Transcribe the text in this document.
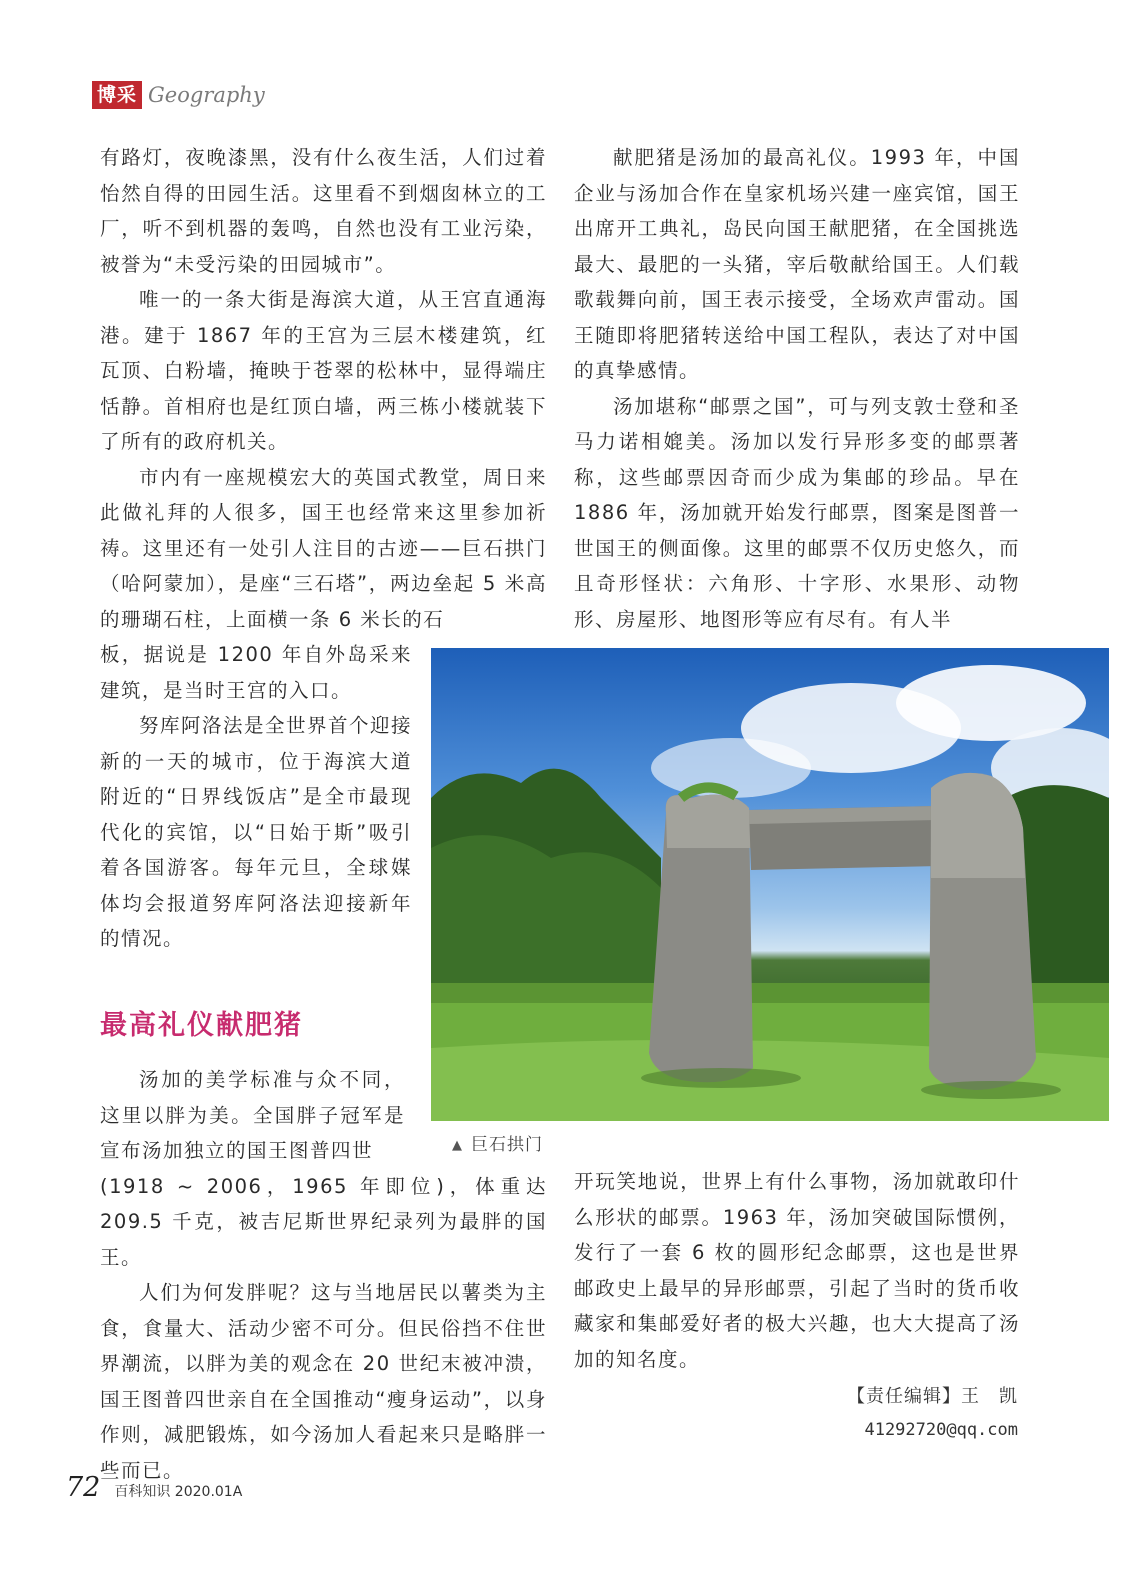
博采 Geography

有路灯，夜晚漆黑，没有什么夜生活，人们过着怡然自得的田园生活。这里看不到烟囱林立的工厂，听不到机器的轰鸣，自然也没有工业污染，被誉为“未受污染的田园城市”。

唯一的一条大街是海滨大道，从王宫直通海港。建于 1867 年的王宫为三层木楼建筑，红瓦顶、白粉墙，掩映于苍翠的松林中，显得端庄恬静。首相府也是红顶白墙，两三栋小楼就装下了所有的政府机关。

市内有一座规模宏大的英国式教堂，周日来此做礼拜的人很多，国王也经常来这里参加祈祷。这里还有一处引人注目的古迹——巨石拱门（哈阿蒙加），是座“三石塔”，两边垒起 5 米高的珊瑚石柱，上面横一条 6 米长的石

板，据说是 1200 年自外岛采来建筑，是当时王宫的入口。

努库阿洛法是全世界首个迎接新的一天的城市，位于海滨大道附近的“日界线饭店”是全市最现代化的宾馆，以“日始于斯”吸引着各国游客。每年元旦，全球媒体均会报道努库阿洛法迎接新年的情况。

最高礼仪献肥猪

汤加的美学标准与众不同，这里以胖为美。全国胖子冠军是宣布汤加独立的国王图普四世

(1918 ~ 2006，1965 年即位)，体重达 209.5 千克，被吉尼斯世界纪录列为最胖的国王。

人们为何发胖呢？这与当地居民以薯类为主食，食量大、活动少密不可分。但民俗挡不住世界潮流，以胖为美的观念在 20 世纪末被冲溃，国王图普四世亲自在全国推动“瘦身运动”，以身作则，减肥锻炼，如今汤加人看起来只是略胖一些而已。

献肥猪是汤加的最高礼仪。1993 年，中国企业与汤加合作在皇家机场兴建一座宾馆，国王出席开工典礼，岛民向国王献肥猪，在全国挑选最大、最肥的一头猪，宰后敬献给国王。人们载歌载舞向前，国王表示接受，全场欢声雷动。国王随即将肥猪转送给中国工程队，表达了对中国的真挚感情。

汤加堪称“邮票之国”，可与列支敦士登和圣马力诺相媲美。汤加以发行异形多变的邮票著称，这些邮票因奇而少成为集邮的珍品。早在 1886 年，汤加就开始发行邮票，图案是图普一世国王的侧面像。这里的邮票不仅历史悠久，而且奇形怪状：六角形、十字形、水果形、动物形、房屋形、地图形等应有尽有。有人半

▲ 巨石拱门

开玩笑地说，世界上有什么事物，汤加就敢印什么形状的邮票。1963 年，汤加突破国际惯例，发行了一套 6 枚的圆形纪念邮票，这也是世界邮政史上最早的异形邮票，引起了当时的货币收藏家和集邮爱好者的极大兴趣，也大大提高了汤加的知名度。

【责任编辑】王　凯
41292720@qq.com
72 百科知识 2020.01A
